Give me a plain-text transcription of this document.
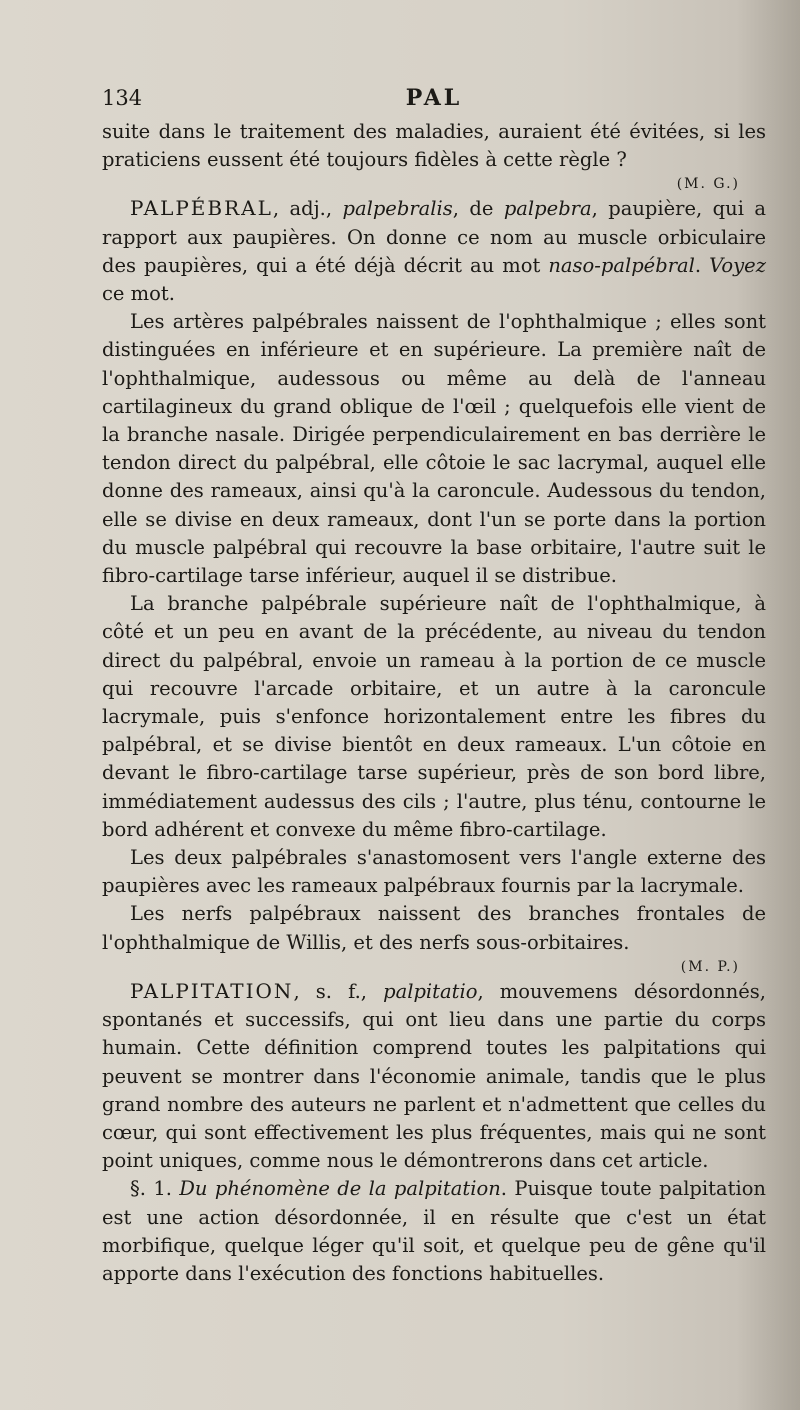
134	PAL

suite dans le traitement des maladies, auraient été évitées, si les praticiens eussent été toujours fidèles à cette règle ?

(M. G.)

PALPÉBRAL, adj., palpebralis, de palpebra, paupière, qui a rapport aux paupières. On donne ce nom au muscle orbiculaire des paupières, qui a été déjà décrit au mot naso-palpébral. Voyez ce mot.

Les artères palpébrales naissent de l'ophthalmique ; elles sont distinguées en inférieure et en supérieure. La première naît de l'ophthalmique, audessous ou même au delà de l'anneau cartilagineux du grand oblique de l'œil ; quelquefois elle vient de la branche nasale. Dirigée perpendiculairement en bas derrière le tendon direct du palpébral, elle côtoie le sac lacrymal, auquel elle donne des rameaux, ainsi qu'à la caroncule. Audessous du tendon, elle se divise en deux rameaux, dont l'un se porte dans la portion du muscle palpébral qui recouvre la base orbitaire, l'autre suit le fibro-cartilage tarse inférieur, auquel il se distribue.

La branche palpébrale supérieure naît de l'ophthalmique, à côté et un peu en avant de la précédente, au niveau du tendon direct du palpébral, envoie un rameau à la portion de ce muscle qui recouvre l'arcade orbitaire, et un autre à la caroncule lacrymale, puis s'enfonce horizontalement entre les fibres du palpébral, et se divise bientôt en deux rameaux. L'un côtoie en devant le fibro-cartilage tarse supérieur, près de son bord libre, immédiatement audessus des cils ; l'autre, plus ténu, contourne le bord adhérent et convexe du même fibro-cartilage.

Les deux palpébrales s'anastomosent vers l'angle externe des paupières avec les rameaux palpébraux fournis par la lacrymale.

Les nerfs palpébraux naissent des branches frontales de l'ophthalmique de Willis, et des nerfs sous-orbitaires.

(M. P.)

PALPITATION, s. f., palpitatio, mouvemens désordonnés, spontanés et successifs, qui ont lieu dans une partie du corps humain. Cette définition comprend toutes les palpitations qui peuvent se montrer dans l'économie animale, tandis que le plus grand nombre des auteurs ne parlent et n'admettent que celles du cœur, qui sont effectivement les plus fréquentes, mais qui ne sont point uniques, comme nous le démontrerons dans cet article.

§. 1. Du phénomène de la palpitation. Puisque toute palpitation est une action désordonnée, il en résulte que c'est un état morbifique, quelque léger qu'il soit, et quelque peu de gêne qu'il apporte dans l'exécution des fonctions habituelles.
